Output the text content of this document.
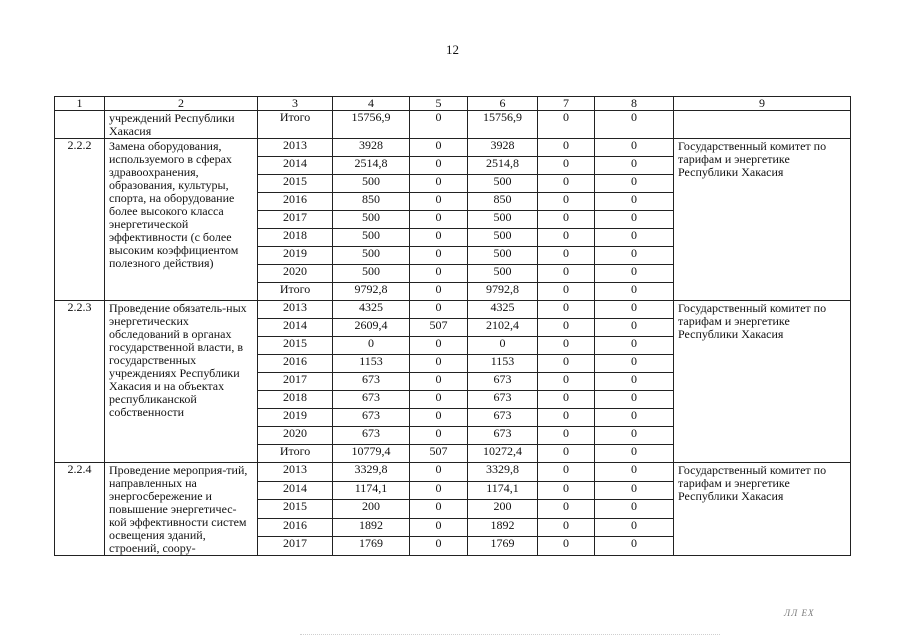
12
1	2	3	4	5	6	7	8	9
	учреждений Республики Хакасия	Итого	15756,9	0	15756,9	0	0	
2.2.2	Замена оборудования, используемого в сферах здравоохранения, образования, культуры, спорта, на оборудование более высокого класса энергетической эффективности (с более высоким коэффициентом полезного действия)	2013	3928	0	3928	0	0	Государственный комитет по тарифам и энергетике Республики Хакасия
		2014	2514,8	0	2514,8	0	0	
		2015	500	0	500	0	0	
		2016	850	0	850	0	0	
		2017	500	0	500	0	0	
		2018	500	0	500	0	0	
		2019	500	0	500	0	0	
		2020	500	0	500	0	0	
		Итого	9792,8	0	9792,8	0	0	
2.2.3	Проведение обязатель-ных энергетических обследований в органах государственной власти, в государственных учреждениях Республики Хакасия и на объектах республиканской собственности	2013	4325	0	4325	0	0	Государственный комитет по тарифам и энергетике Республики Хакасия
		2014	2609,4	507	2102,4	0	0	
		2015	0	0	0	0	0	
		2016	1153	0	1153	0	0	
		2017	673	0	673	0	0	
		2018	673	0	673	0	0	
		2019	673	0	673	0	0	
		2020	673	0	673	0	0	
		Итого	10779,4	507	10272,4	0	0	
2.2.4	Проведение мероприя-тий, направленных на энергосбережение и повышение энергетичес-кой эффективности систем освещения зданий, строений, соору-	2013	3329,8	0	3329,8	0	0	Государственный комитет по тарифам и энергетике Республики Хакасия
		2014	1174,1	0	1174,1	0	0	
		2015	200	0	200	0	0	
		2016	1892	0	1892	0	0	
		2017	1769	0	1769	0	0	
ЛЛ ЕХ
